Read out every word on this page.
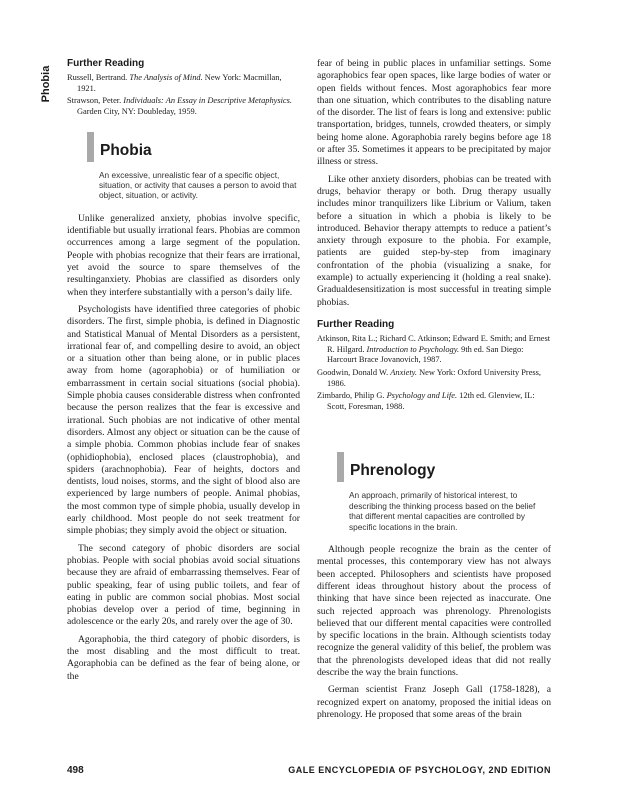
Phobia
Further Reading
Russell, Bertrand. The Analysis of Mind. New York: Macmillan, 1921.
Strawson, Peter. Individuals: An Essay in Descriptive Metaphysics. Garden City, NY: Doubleday, 1959.
Phobia
An excessive, unrealistic fear of a specific object, situation, or activity that causes a person to avoid that object, situation, or activity.

Unlike generalized anxiety, phobias involve specific, identifiable but usually irrational fears. Phobias are common occurrences among a large segment of the population. People with phobias recognize that their fears are irrational, yet avoid the source to spare themselves of the resultinganxiety. Phobias are classified as disorders only when they interfere substantially with a person’s daily life.

Psychologists have identified three categories of phobic disorders. The first, simple phobia, is defined in Diagnostic and Statistical Manual of Mental Disorders as a persistent, irrational fear of, and compelling desire to avoid, an object or a situation other than being alone, or in public places away from home (agoraphobia) or of humiliation or embarrassment in certain social situations (social phobia). Simple phobia causes considerable distress when confronted because the person realizes that the fear is excessive and irrational. Such phobias are not indicative of other mental disorders. Almost any object or situation can be the cause of a simple phobia. Common phobias include fear of snakes (ophidiophobia), enclosed places (claustrophobia), and spiders (arachnophobia). Fear of heights, doctors and dentists, loud noises, storms, and the sight of blood also are experienced by large numbers of people. Animal phobias, the most common type of simple phobia, usually develop in early childhood. Most people do not seek treatment for simple phobias; they simply avoid the object or situation.

The second category of phobic disorders are social phobias. People with social phobias avoid social situations because they are afraid of embarrassing themselves. Fear of public speaking, fear of using public toilets, and fear of eating in public are common social phobias. Most social phobias develop over a period of time, beginning in adolescence or the early 20s, and rarely over the age of 30.

Agoraphobia, the third category of phobic disorders, is the most disabling and the most difficult to treat. Agoraphobia can be defined as the fear of being alone, or the

fear of being in public places in unfamiliar settings. Some agoraphobics fear open spaces, like large bodies of water or open fields without fences. Most agoraphobics fear more than one situation, which contributes to the disabling nature of the disorder. The list of fears is long and extensive: public transportation, bridges, tunnels, crowded theaters, or simply being home alone. Agoraphobia rarely begins before age 18 or after 35. Sometimes it appears to be precipitated by major illness or stress.

Like other anxiety disorders, phobias can be treated with drugs, behavior therapy or both. Drug therapy usually includes minor tranquilizers like Librium or Valium, taken before a situation in which a phobia is likely to be introduced. Behavior therapy attempts to reduce a patient’s anxiety through exposure to the phobia. For example, patients are guided step-by-step from imaginary confrontation of the phobia (visualizing a snake, for example) to actually experiencing it (holding a real snake). Gradualdesensitization is most successful in treating simple phobias.

Further Reading
Atkinson, Rita L.; Richard C. Atkinson; Edward E. Smith; and Ernest R. Hilgard. Introduction to Psychology. 9th ed. San Diego: Harcourt Brace Jovanovich, 1987.
Goodwin, Donald W. Anxiety. New York: Oxford University Press, 1986.
Zimbardo, Philip G. Psychology and Life. 12th ed. Glenview, IL: Scott, Foresman, 1988.
Phrenology
An approach, primarily of historical interest, to describing the thinking process based on the belief that different mental capacities are controlled by specific locations in the brain.

Although people recognize the brain as the center of mental processes, this contemporary view has not always been accepted. Philosophers and scientists have proposed different ideas throughout history about the process of thinking that have since been rejected as inaccurate. One such rejected approach was phrenology. Phrenologists believed that our different mental capacities were controlled by specific locations in the brain. Although scientists today recognize the general validity of this belief, the problem was that the phrenologists developed ideas that did not really describe the way the brain functions.

German scientist Franz Joseph Gall (1758-1828), a recognized expert on anatomy, proposed the initial ideas on phrenology. He proposed that some areas of the brain

498	GALE ENCYCLOPEDIA OF PSYCHOLOGY, 2ND EDITION
